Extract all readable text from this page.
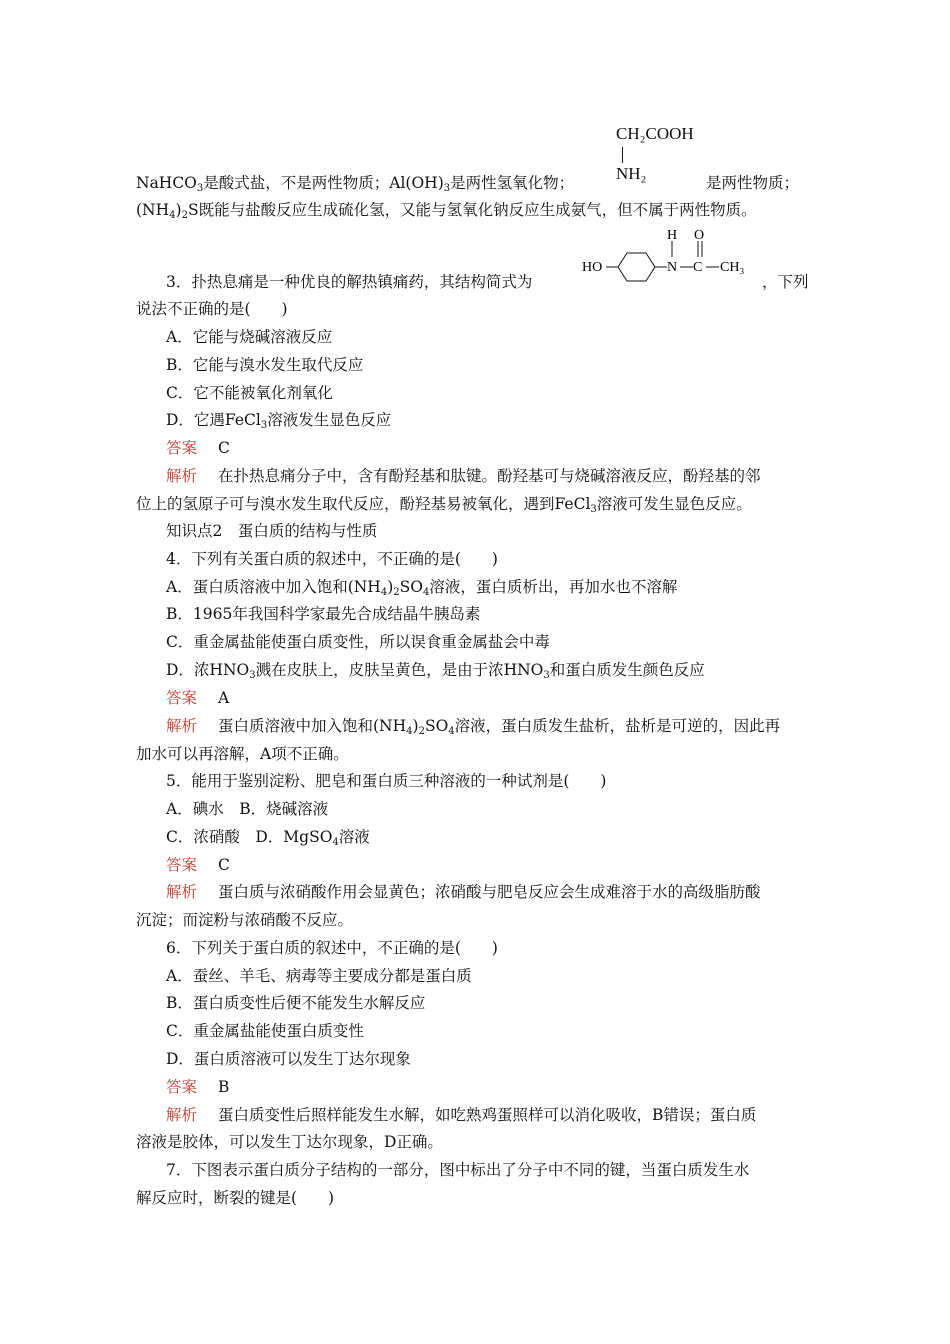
CH₂COOH
NH₂
NaHCO$_3$是酸式盐，不是两性物质；$Al(OH)_3$是两性氢氧化物；	是两性物质；
$(NH_4)_2S$既能与盐酸反应生成硫化氢，又能与氢氧化钠反应生成氨气，但不属于两性物质。
3．扑热息痛是一种优良的解热镇痛药，其结构简式为
HO	N
H
C
O
CH₃
，下列
说法不正确的是(　　)
A．它能与烧碱溶液反应
B．它能与溴水发生取代反应
C．它不能被氧化剂氧化
D．它遇FeCl$_3$溶液发生显色反应
答案 C
解析 在扑热息痛分子中，含有酚羟基和肽键。酚羟基可与烧碱溶液反应，酚羟基的邻
位上的氢原子可与溴水发生取代反应，酚羟基易被氧化，遇到FeCl$_3$溶液可发生显色反应。
知识点2　蛋白质的结构与性质
4．下列有关蛋白质的叙述中，不正确的是(　　)
A．蛋白质溶液中加入饱和$(NH_4)_2SO_4$溶液，蛋白质析出，再加水也不溶解
B．1965年我国科学家最先合成结晶牛胰岛素
C．重金属盐能使蛋白质变性，所以误食重金属盐会中毒
D．浓$HNO_3$溅在皮肤上，皮肤呈黄色，是由于浓$HNO_3$和蛋白质发生颜色反应
答案 A
解析 蛋白质溶液中加入饱和$(NH_4)_2SO_4$溶液，蛋白质发生盐析，盐析是可逆的，因此再
加水可以再溶解，A项不正确。
5．能用于鉴别淀粉、肥皂和蛋白质三种溶液的一种试剂是(　　)
A．碘水　B．烧碱溶液
C．浓硝酸　D．MgSO$_4$溶液
答案 C
解析 蛋白质与浓硝酸作用会显黄色；浓硝酸与肥皂反应会生成难溶于水的高级脂肪酸
沉淀；而淀粉与浓硝酸不反应。
6．下列关于蛋白质的叙述中，不正确的是(　　)
A．蚕丝、羊毛、病毒等主要成分都是蛋白质
B．蛋白质变性后便不能发生水解反应
C．重金属盐能使蛋白质变性
D．蛋白质溶液可以发生丁达尔现象
答案 B
解析 蛋白质变性后照样能发生水解，如吃熟鸡蛋照样可以消化吸收，B错误；蛋白质
溶液是胶体，可以发生丁达尔现象，D正确。
7．下图表示蛋白质分子结构的一部分，图中标出了分子中不同的键，当蛋白质发生水
解反应时，断裂的键是(　　)
